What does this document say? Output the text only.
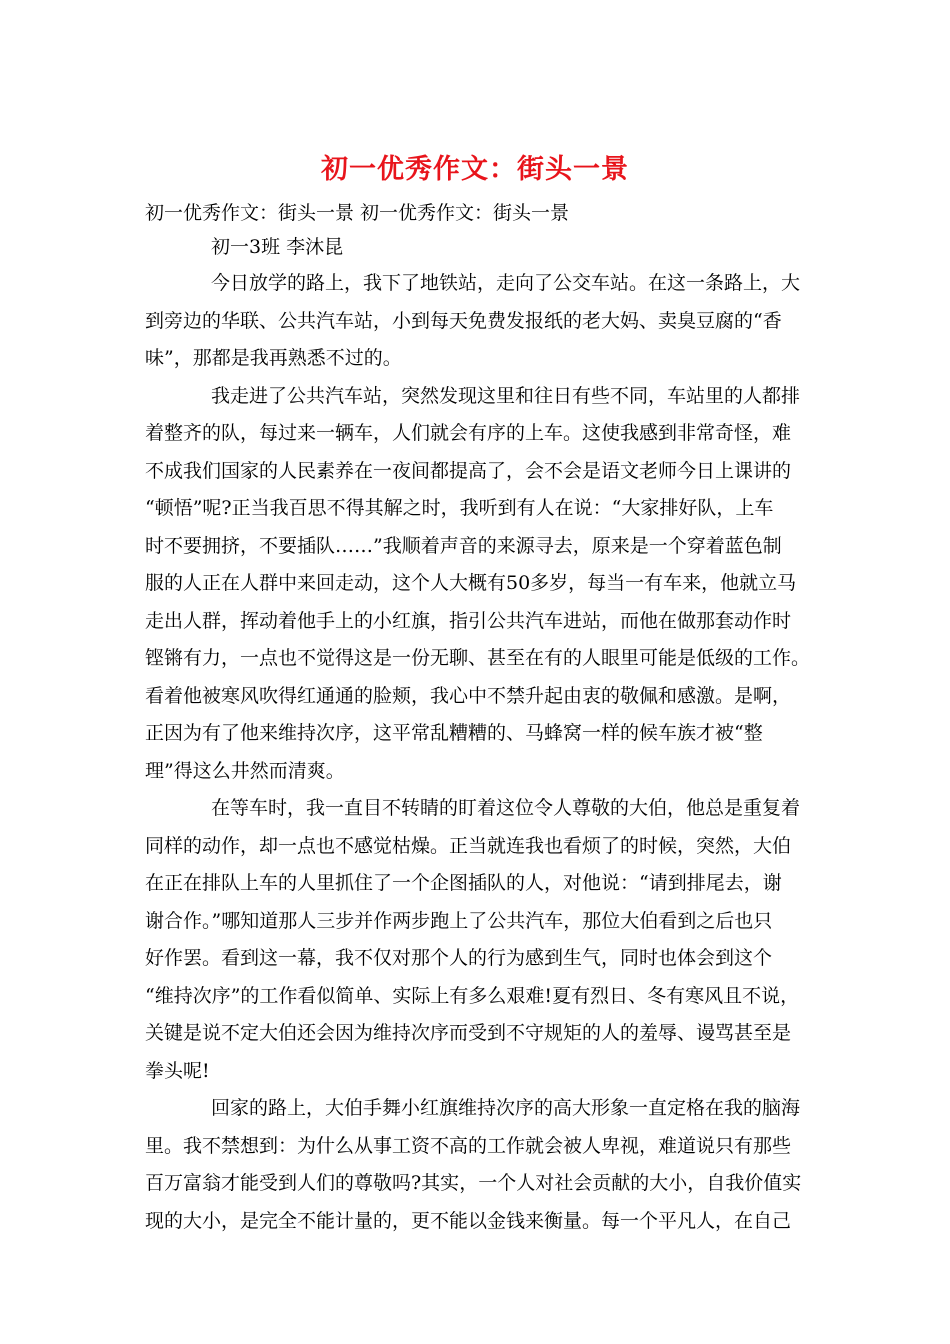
初一优秀作文：街头一景
初一优秀作文：街头一景 初一优秀作文：街头一景
初一3班 李沐昆
今日放学的路上，我下了地铁站，走向了公交车站。在这一条路上，大
到旁边的华联、公共汽车站，小到每天免费发报纸的老大妈、卖臭豆腐的“香
味”，那都是我再熟悉不过的。
我走进了公共汽车站，突然发现这里和往日有些不同，车站里的人都排
着整齐的队，每过来一辆车，人们就会有序的上车。这使我感到非常奇怪，难
不成我们国家的人民素养在一夜间都提高了，会不会是语文老师今日上课讲的
“顿悟”呢?正当我百思不得其解之时，我听到有人在说：“大家排好队，上车
时不要拥挤，不要插队……”我顺着声音的来源寻去，原来是一个穿着蓝色制
服的人正在人群中来回走动，这个人大概有50多岁，每当一有车来，他就立马
走出人群，挥动着他手上的小红旗，指引公共汽车进站，而他在做那套动作时
铿锵有力，一点也不觉得这是一份无聊、甚至在有的人眼里可能是低级的工作。
看着他被寒风吹得红通通的脸颊，我心中不禁升起由衷的敬佩和感激。是啊，
正因为有了他来维持次序，这平常乱糟糟的、马蜂窝一样的候车族才被“整
理”得这么井然而清爽。
在等车时，我一直目不转睛的盯着这位令人尊敬的大伯，他总是重复着
同样的动作，却一点也不感觉枯燥。正当就连我也看烦了的时候，突然，大伯
在正在排队上车的人里抓住了一个企图插队的人，对他说：“请到排尾去，谢
谢合作。”哪知道那人三步并作两步跑上了公共汽车，那位大伯看到之后也只
好作罢。看到这一幕，我不仅对那个人的行为感到生气，同时也体会到这个
“维持次序”的工作看似简单、实际上有多么艰难!夏有烈日、冬有寒风且不说，
关键是说不定大伯还会因为维持次序而受到不守规矩的人的羞辱、谩骂甚至是
拳头呢!
回家的路上，大伯手舞小红旗维持次序的高大形象一直定格在我的脑海
里。我不禁想到：为什么从事工资不高的工作就会被人卑视，难道说只有那些
百万富翁才能受到人们的尊敬吗?其实，一个人对社会贡献的大小，自我价值实
现的大小，是完全不能计量的，更不能以金钱来衡量。每一个平凡人，在自己
